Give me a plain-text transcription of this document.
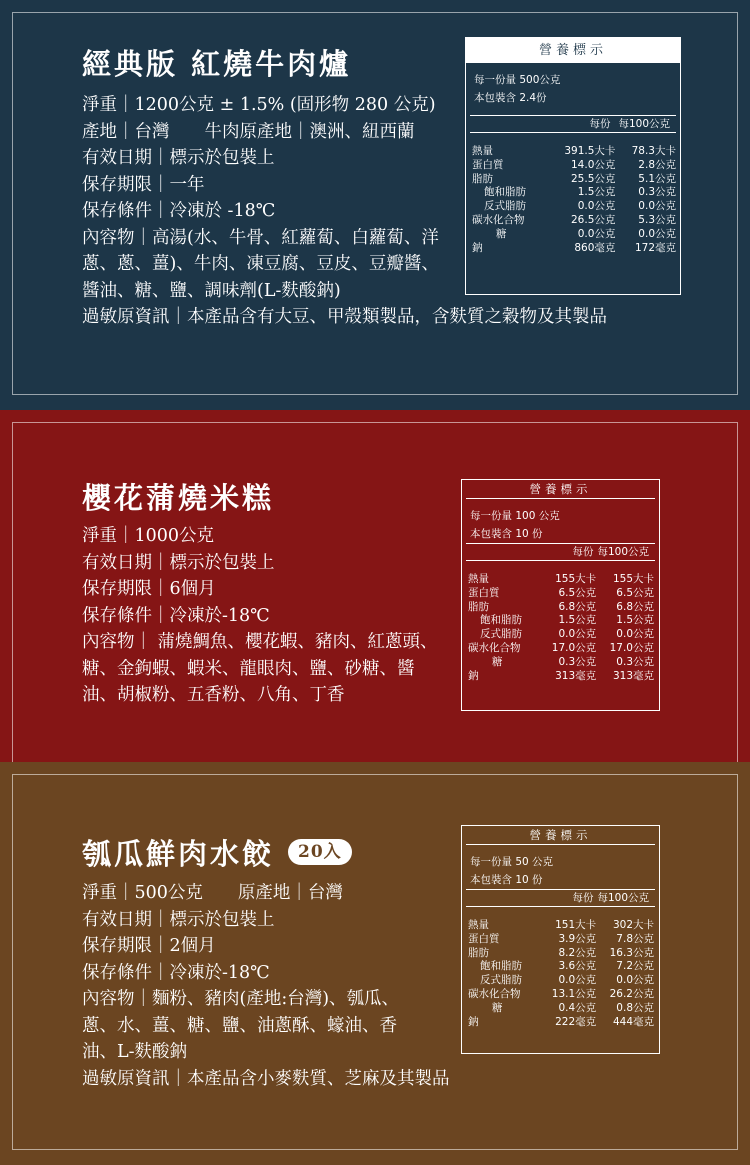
經典版 紅燒牛肉爐
淨重｜1200公克 ± 1.5% (固形物 280 公克)
產地｜台灣　　牛肉原產地｜澳洲、紐西蘭
有效日期｜標示於包裝上
保存期限｜一年
保存條件｜冷凍於 -18℃
內容物｜高湯(水、牛骨、紅蘿蔔、白蘿蔔、洋蔥、蔥、薑)、牛肉、凍豆腐、豆皮、豆瓣醬、醬油、糖、鹽、調味劑(L-麩酸鈉)
過敏原資訊｜本產品含有大豆、甲殼類製品，含麩質之穀物及其製品
營養標示
每一份量 500公克
本包裝含 2.4份
每份 每100公克
熱量	391.5大卡	78.3大卡
蛋白質	14.0公克	2.8公克
脂肪	25.5公克	5.1公克
飽和脂肪	1.5公克	0.3公克
反式脂肪	0.0公克	0.0公克
碳水化合物	26.5公克	5.3公克
糖	0.0公克	0.0公克
鈉	860毫克	172毫克
櫻花蒲燒米糕
淨重｜1000公克
有效日期｜標示於包裝上
保存期限｜6個月
保存條件｜冷凍於-18℃
內容物｜ 蒲燒鯛魚、櫻花蝦、豬肉、紅蔥頭、糖、金鉤蝦、蝦米、龍眼肉、鹽、砂糖、醬油、胡椒粉、五香粉、八角、丁香
營養標示
每一份量 100 公克
本包裝含 10 份
每份 每100公克
熱量	155大卡	155大卡
蛋白質	6.5公克	6.5公克
脂肪	6.8公克	6.8公克
飽和脂肪	1.5公克	1.5公克
反式脂肪	0.0公克	0.0公克
碳水化合物	17.0公克	17.0公克
糖	0.3公克	0.3公克
鈉	313毫克	313毫克
瓠瓜鮮肉水餃 20入
淨重｜500公克　　原產地｜台灣
有效日期｜標示於包裝上
保存期限｜2個月
保存條件｜冷凍於-18℃
內容物｜麵粉、豬肉(產地:台灣)、瓠瓜、蔥、水、薑、糖、鹽、油蔥酥、蠔油、香油、L-麩酸鈉
過敏原資訊｜本產品含小麥麩質、芝麻及其製品
營養標示
每一份量 50 公克
本包裝含 10 份
每份 每100公克
熱量	151大卡	302大卡
蛋白質	3.9公克	7.8公克
脂肪	8.2公克	16.3公克
飽和脂肪	3.6公克	7.2公克
反式脂肪	0.0公克	0.0公克
碳水化合物	13.1公克	26.2公克
糖	0.4公克	0.8公克
鈉	222毫克	444毫克
